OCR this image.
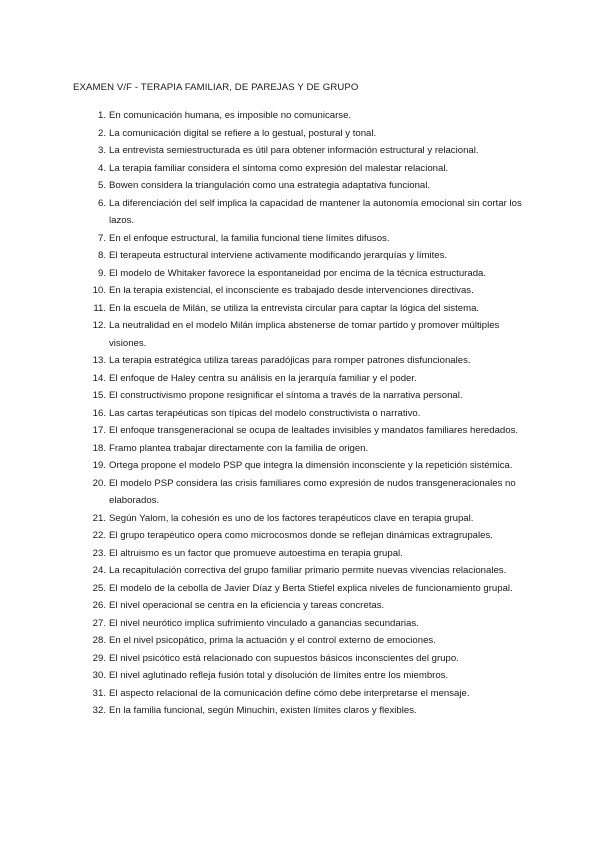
EXAMEN V/F - TERAPIA FAMILIAR, DE PAREJAS Y DE GRUPO
1. En comunicación humana, es imposible no comunicarse.
2. La comunicación digital se refiere a lo gestual, postural y tonal.
3. La entrevista semiestructurada es útil para obtener información estructural y relacional.
4. La terapia familiar considera el síntoma como expresión del malestar relacional.
5. Bowen considera la triangulación como una estrategia adaptativa funcional.
6. La diferenciación del self implica la capacidad de mantener la autonomía emocional sin cortar los lazos.
7. En el enfoque estructural, la familia funcional tiene límites difusos.
8. El terapeuta estructural interviene activamente modificando jerarquías y límites.
9. El modelo de Whitaker favorece la espontaneidad por encima de la técnica estructurada.
10. En la terapia existencial, el inconsciente es trabajado desde intervenciones directivas.
11. En la escuela de Milán, se utiliza la entrevista circular para captar la lógica del sistema.
12. La neutralidad en el modelo Milán implica abstenerse de tomar partido y promover múltiples visiones.
13. La terapia estratégica utiliza tareas paradójicas para romper patrones disfuncionales.
14. El enfoque de Haley centra su análisis en la jerarquía familiar y el poder.
15. El constructivismo propone resignificar el síntoma a través de la narrativa personal.
16. Las cartas terapéuticas son típicas del modelo constructivista o narrativo.
17. El enfoque transgeneracional se ocupa de lealtades invisibles y mandatos familiares heredados.
18. Framo plantea trabajar directamente con la familia de origen.
19. Ortega propone el modelo PSP que integra la dimensión inconsciente y la repetición sistémica.
20. El modelo PSP considera las crisis familiares como expresión de nudos transgeneracionales no elaborados.
21. Según Yalom, la cohesión es uno de los factores terapéuticos clave en terapia grupal.
22. El grupo terapéutico opera como microcosmos donde se reflejan dinámicas extragrupales.
23. El altruismo es un factor que promueve autoestima en terapia grupal.
24. La recapitulación correctiva del grupo familiar primario permite nuevas vivencias relacionales.
25. El modelo de la cebolla de Javier Díaz y Berta Stiefel explica niveles de funcionamiento grupal.
26. El nivel operacional se centra en la eficiencia y tareas concretas.
27. El nivel neurótico implica sufrimiento vinculado a ganancias secundarias.
28. En el nivel psicopático, prima la actuación y el control externo de emociones.
29. El nivel psicótico está relacionado con supuestos básicos inconscientes del grupo.
30. El nivel aglutinado refleja fusión total y disolución de límites entre los miembros.
31. El aspecto relacional de la comunicación define cómo debe interpretarse el mensaje.
32. En la familia funcional, según Minuchin, existen límites claros y flexibles.
